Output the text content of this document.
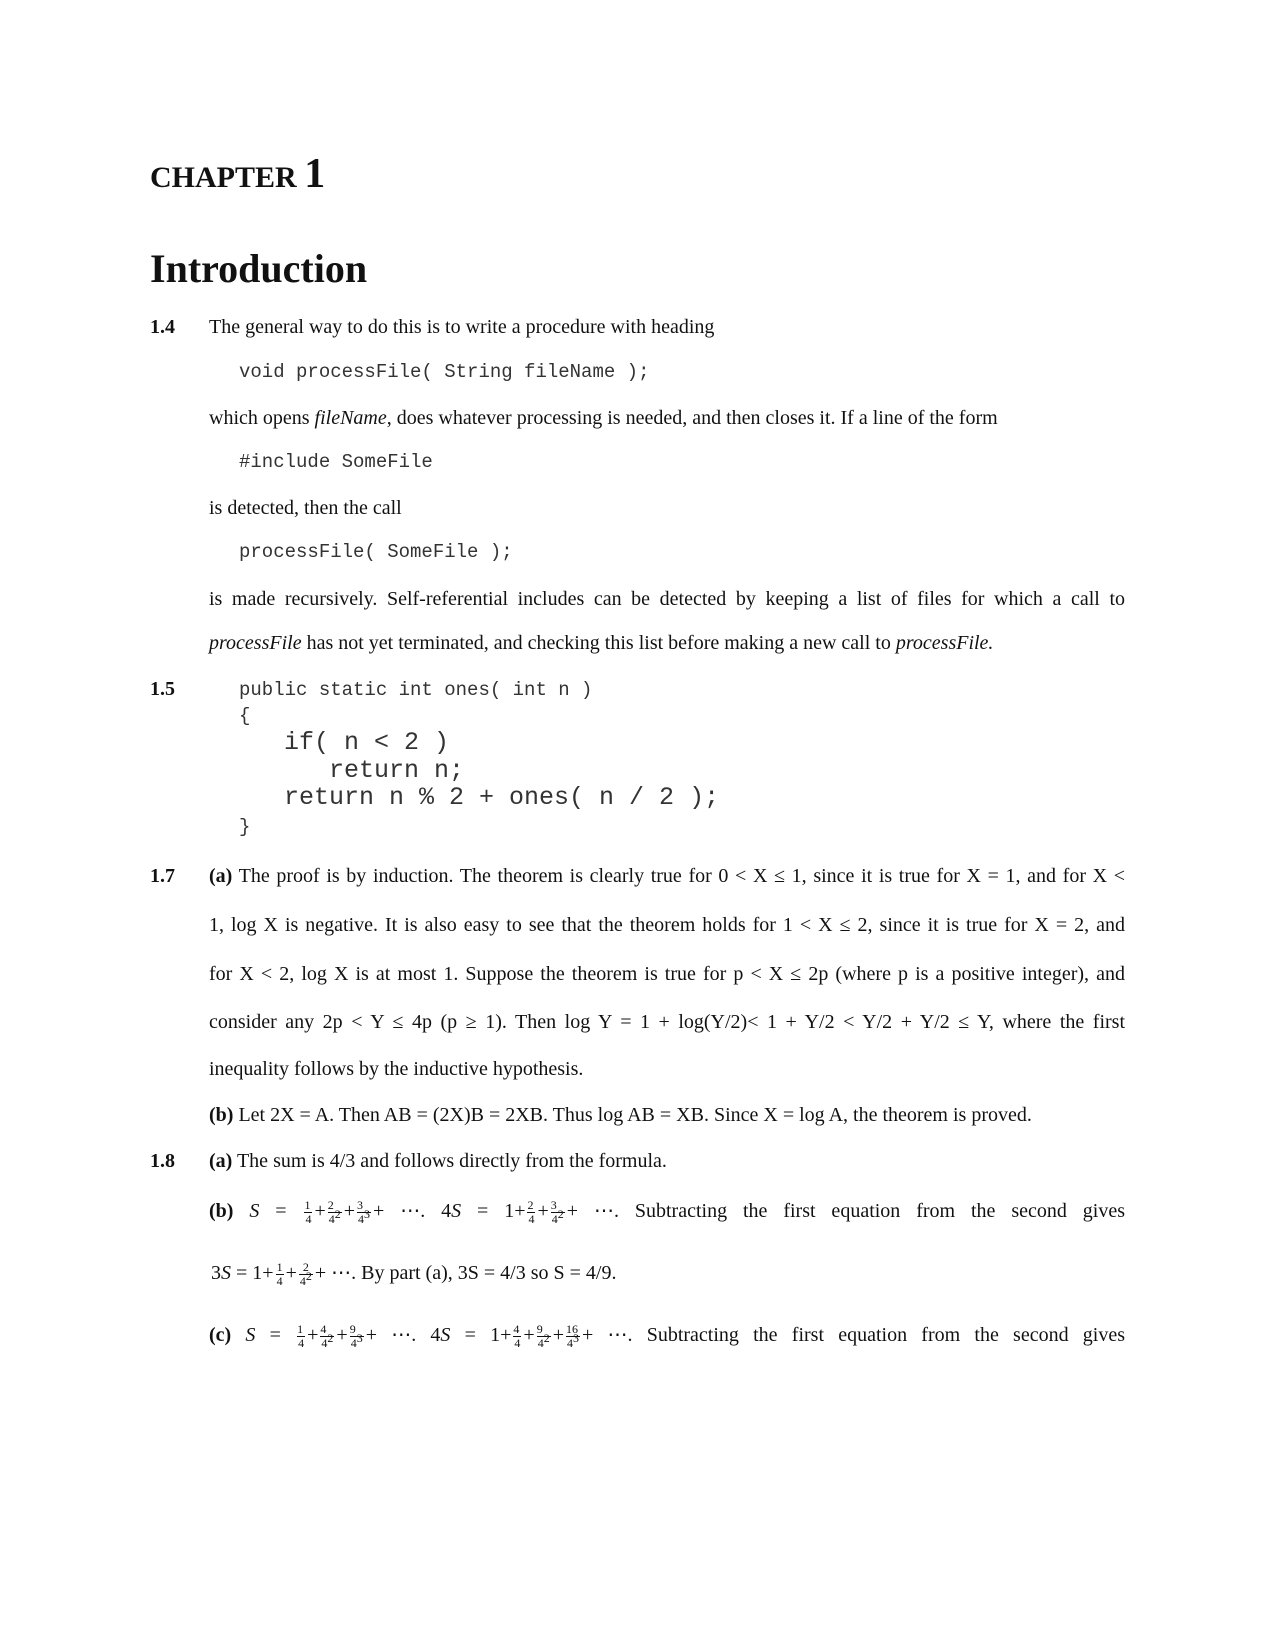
CHAPTER 1
Introduction
1.4 The general way to do this is to write a procedure with heading
void processFile( String fileName );
which opens fileName, does whatever processing is needed, and then closes it. If a line of the form
#include SomeFile
is detected, then the call
processFile( SomeFile );
is made recursively. Self-referential includes can be detected by keeping a list of files for which a call to
processFile has not yet terminated, and checking this list before making a new call to processFile.
1.5	public static int ones( int n )
{
if( n < 2 )
return n;
return n % 2 + ones( n / 2 );
}
1.7 (a) The proof is by induction. The theorem is clearly true for 0 < X ≤ 1, since it is true for X = 1, and for X <
1, log X is negative. It is also easy to see that the theorem holds for 1 < X ≤ 2, since it is true for X = 2, and
for X < 2, log X is at most 1. Suppose the theorem is true for p < X ≤ 2p (where p is a positive integer), and
consider any 2p < Y ≤ 4p (p ≥ 1). Then log Y = 1 + log(Y/2)< 1 + Y/2 < Y/2 + Y/2 ≤ Y, where the first
inequality follows by the inductive hypothesis.
(b) Let 2X = A. Then AB = (2X)B = 2XB. Thus log AB = XB. Since X = log A, the theorem is proved.
1.8 (a) The sum is 4/3 and follows directly from the formula.
(b) $S = \frac{1}{4} + \frac{2}{4^2} + \frac{3}{4^3}$ + ⋯. $4S = 1+ \frac{2}{4} + \frac{3}{4^2}$ + ⋯. Subtracting the first equation from the second gives
$3S = 1+ \frac{1}{4} + \frac{2}{4^2}$ + ⋯. By part (a), 3S = 4/3 so S = 4/9.
(c) $S = \frac{1}{4} + \frac{4}{4^2} + \frac{9}{4^3}$ + ⋯. $4S = 1+ \frac{4}{4} + \frac{9}{4^2} + \frac{16}{4^3}$ + ⋯. Subtracting the first equation from the second gives
